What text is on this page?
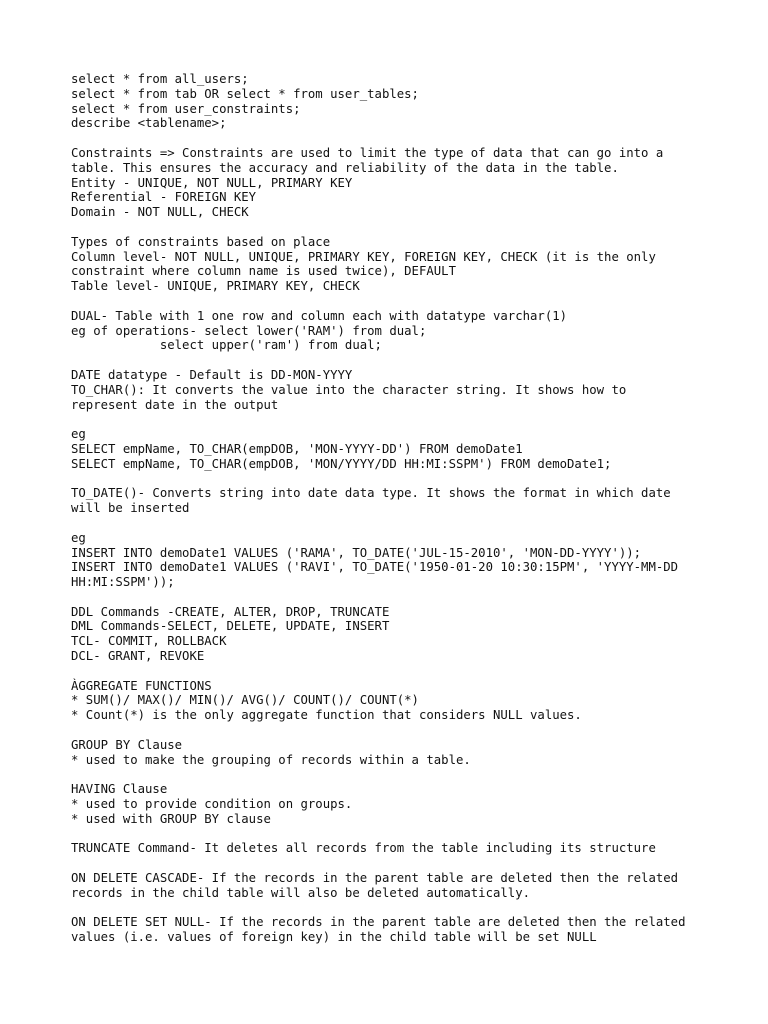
select * from all_users;
select * from tab OR select * from user_tables;
select * from user_constraints;
describe <tablename>;
Constraints => Constraints are used to limit the type of data that can go into a
table. This ensures the accuracy and reliability of the data in the table.
Entity - UNIQUE, NOT NULL, PRIMARY KEY
Referential - FOREIGN KEY
Domain - NOT NULL, CHECK
Types of constraints based on place
Column level- NOT NULL, UNIQUE, PRIMARY KEY, FOREIGN KEY, CHECK (it is the only
constraint where column name is used twice), DEFAULT
Table level- UNIQUE, PRIMARY KEY, CHECK
DUAL- Table with 1 one row and column each with datatype varchar(1)
eg of operations- select lower('RAM') from dual;
select upper('ram') from dual;
DATE datatype - Default is DD-MON-YYYY
TO_CHAR(): It converts the value into the character string. It shows how to
represent date in the output
eg
SELECT empName, TO_CHAR(empDOB, 'MON-YYYY-DD') FROM demoDate1
SELECT empName, TO_CHAR(empDOB, 'MON/YYYY/DD HH:MI:SSPM') FROM demoDate1;
TO_DATE()- Converts string into date data type. It shows the format in which date
will be inserted
eg
INSERT INTO demoDate1 VALUES ('RAMA', TO_DATE('JUL-15-2010', 'MON-DD-YYYY'));
INSERT INTO demoDate1 VALUES ('RAVI', TO_DATE('1950-01-20 10:30:15PM', 'YYYY-MM-DD
HH:MI:SSPM'));
DDL Commands -CREATE, ALTER, DROP, TRUNCATE
DML Commands-SELECT, DELETE, UPDATE, INSERT
TCL- COMMIT, ROLLBACK
DCL- GRANT, REVOKE
ÀGGREGATE FUNCTIONS
* SUM()/ MAX()/ MIN()/ AVG()/ COUNT()/ COUNT(*)
* Count(*) is the only aggregate function that considers NULL values.
GROUP BY Clause
* used to make the grouping of records within a table.
HAVING Clause
* used to provide condition on groups.
* used with GROUP BY clause
TRUNCATE Command- It deletes all records from the table including its structure
ON DELETE CASCADE- If the records in the parent table are deleted then the related
records in the child table will also be deleted automatically.
ON DELETE SET NULL- If the records in the parent table are deleted then the related
values (i.e. values of foreign key) in the child table will be set NULL
